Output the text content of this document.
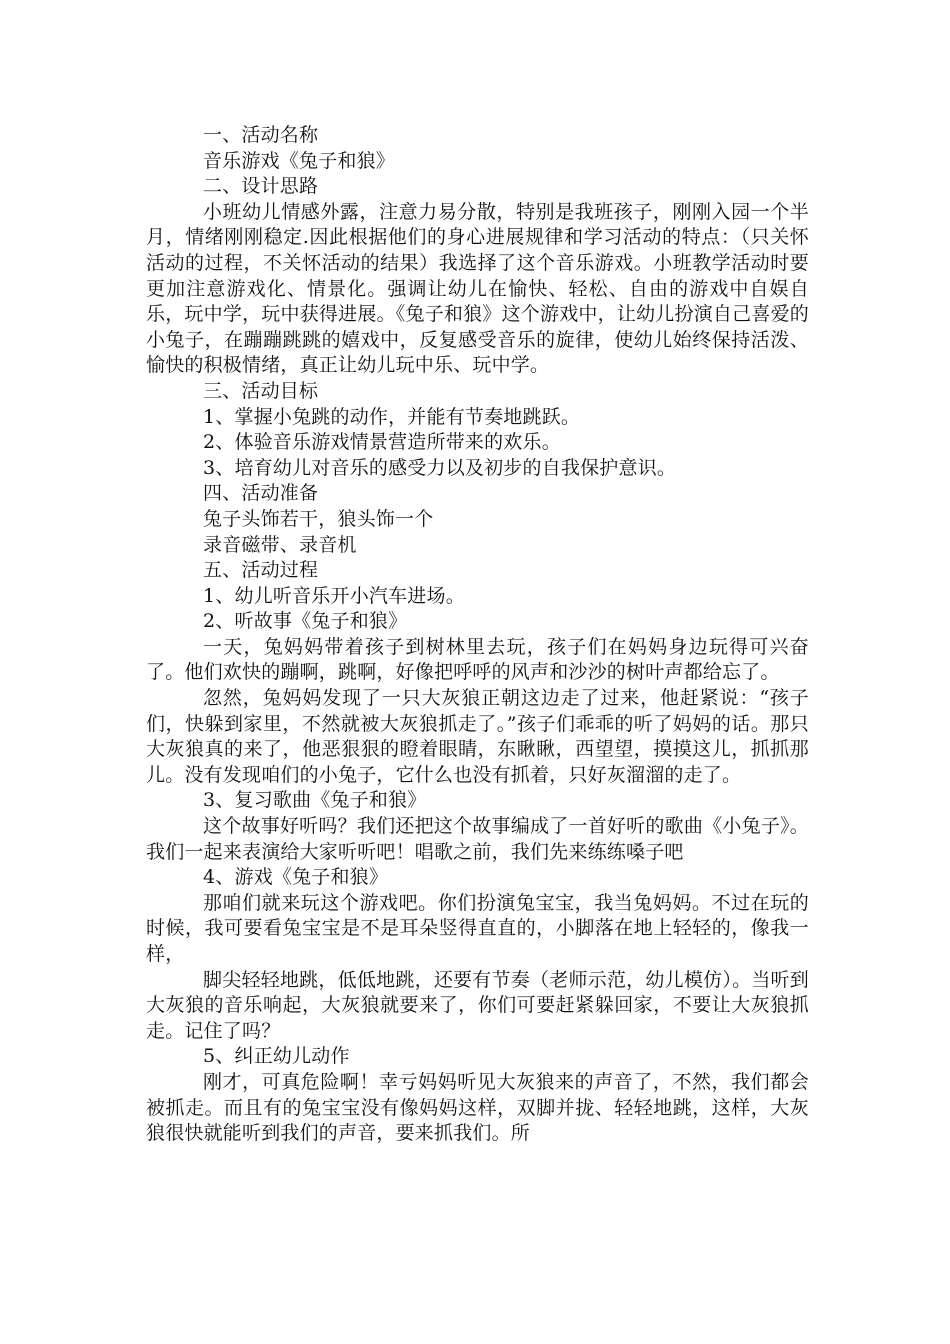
一、活动名称

音乐游戏《兔子和狼》

二、设计思路

小班幼儿情感外露，注意力易分散，特别是我班孩子，刚刚入园一个半月，情绪刚刚稳定.因此根据他们的身心进展规律和学习活动的特点：（只关怀活动的过程，不关怀活动的结果）我选择了这个音乐游戏。小班教学活动时要更加注意游戏化、情景化。强调让幼儿在愉快、轻松、自由的游戏中自娱自乐，玩中学，玩中获得进展。《兔子和狼》这个游戏中，让幼儿扮演自己喜爱的小兔子，在蹦蹦跳跳的嬉戏中，反复感受音乐的旋律，使幼儿始终保持活泼、愉快的积极情绪，真正让幼儿玩中乐、玩中学。

三、活动目标

1、掌握小兔跳的动作，并能有节奏地跳跃。

2、体验音乐游戏情景营造所带来的欢乐。

3、培育幼儿对音乐的感受力以及初步的自我保护意识。

四、活动准备

兔子头饰若干，狼头饰一个

录音磁带、录音机

五、活动过程

1、幼儿听音乐开小汽车进场。

2、听故事《兔子和狼》

一天，兔妈妈带着孩子到树林里去玩，孩子们在妈妈身边玩得可兴奋了。他们欢快的蹦啊，跳啊，好像把呼呼的风声和沙沙的树叶声都给忘了。

忽然，兔妈妈发现了一只大灰狼正朝这边走了过来，他赶紧说：“孩子们，快躲到家里，不然就被大灰狼抓走了。”孩子们乖乖的听了妈妈的话。那只大灰狼真的来了，他恶狠狠的瞪着眼睛，东瞅瞅，西望望，摸摸这儿，抓抓那儿。没有发现咱们的小兔子，它什么也没有抓着，只好灰溜溜的走了。

3、复习歌曲《兔子和狼》

这个故事好听吗？我们还把这个故事编成了一首好听的歌曲《小兔子》。我们一起来表演给大家听听吧！唱歌之前，我们先来练练嗓子吧

4、游戏《兔子和狼》

那咱们就来玩这个游戏吧。你们扮演兔宝宝，我当兔妈妈。不过在玩的时候，我可要看兔宝宝是不是耳朵竖得直直的，小脚落在地上轻轻的，像我一样，

脚尖轻轻地跳，低低地跳，还要有节奏（老师示范，幼儿模仿）。当听到大灰狼的音乐响起，大灰狼就要来了，你们可要赶紧躲回家，不要让大灰狼抓走。记住了吗？

5、纠正幼儿动作

刚才，可真危险啊！幸亏妈妈听见大灰狼来的声音了，不然，我们都会被抓走。而且有的兔宝宝没有像妈妈这样，双脚并拢、轻轻地跳，这样，大灰狼很快就能听到我们的声音，要来抓我们。所
